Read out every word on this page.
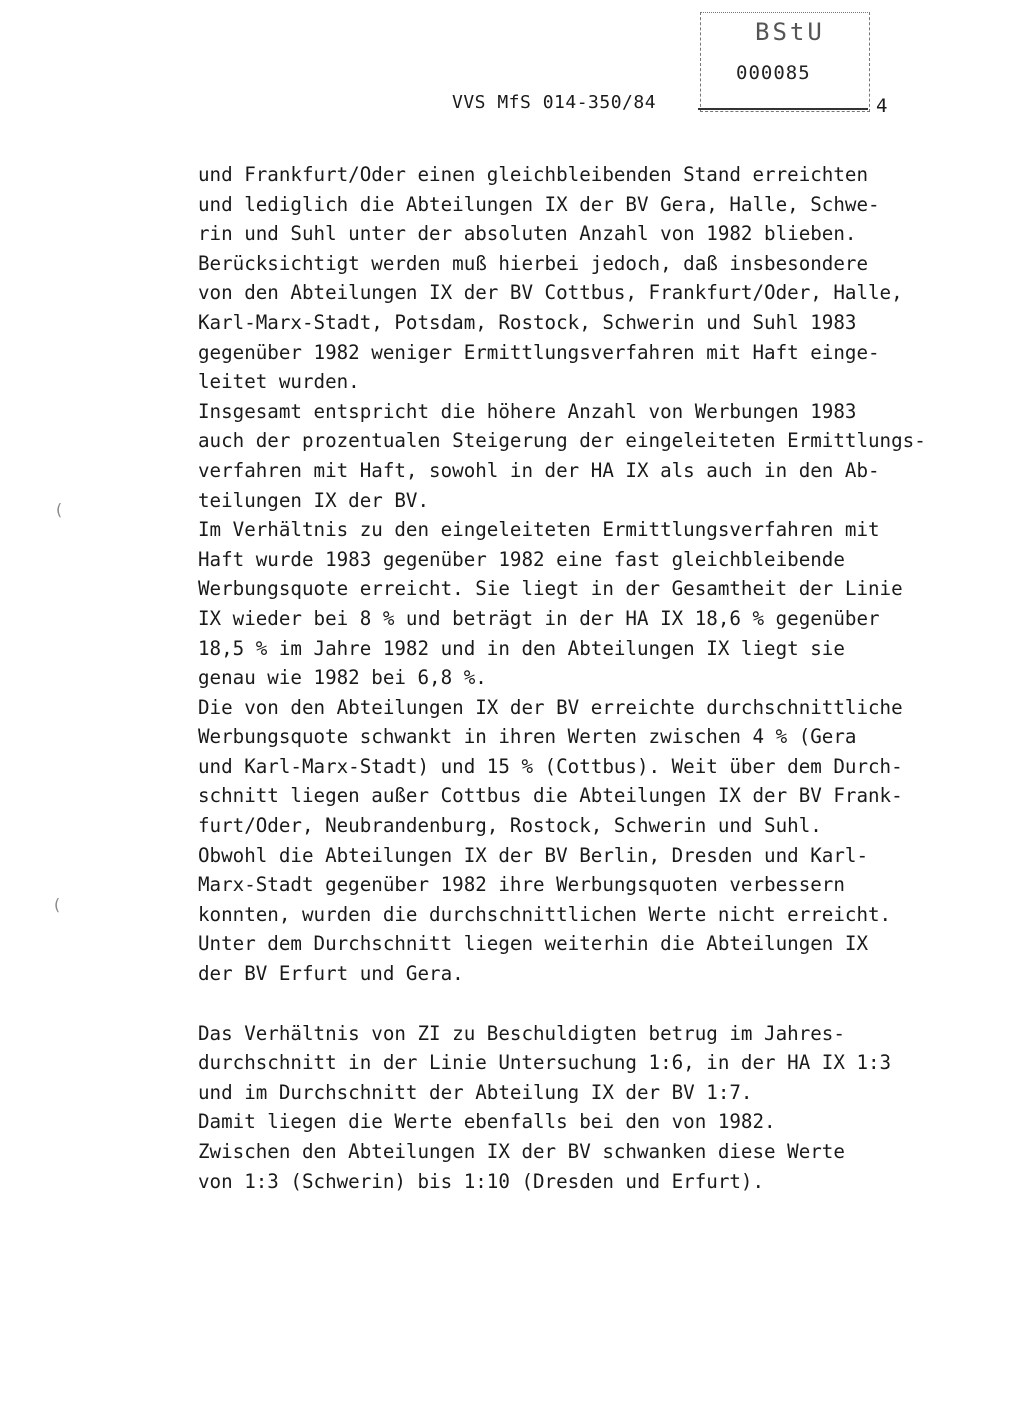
BStU
000085
VVS MfS 014-350/84	4
(
(
und Frankfurt/Oder einen gleichbleibenden Stand erreichten
und lediglich die Abteilungen IX der BV Gera, Halle, Schwe-
rin und Suhl unter der absoluten Anzahl von 1982 blieben.
Berücksichtigt werden muß hierbei jedoch, daß insbesondere
von den Abteilungen IX der BV Cottbus, Frankfurt/Oder, Halle,
Karl-Marx-Stadt, Potsdam, Rostock, Schwerin und Suhl 1983
gegenüber 1982 weniger Ermittlungsverfahren mit Haft einge-
leitet wurden.
Insgesamt entspricht die höhere Anzahl von Werbungen 1983
auch der prozentualen Steigerung der eingeleiteten Ermittlungs-
verfahren mit Haft, sowohl in der HA IX als auch in den Ab-
teilungen IX der BV.
Im Verhältnis zu den eingeleiteten Ermittlungsverfahren mit
Haft wurde 1983 gegenüber 1982 eine fast gleichbleibende
Werbungsquote erreicht. Sie liegt in der Gesamtheit der Linie
IX wieder bei 8 % und beträgt in der HA IX 18,6 % gegenüber
18,5 % im Jahre 1982 und in den Abteilungen IX liegt sie
genau wie 1982 bei 6,8 %.
Die von den Abteilungen IX der BV erreichte durchschnittliche
Werbungsquote schwankt in ihren Werten zwischen 4 % (Gera
und Karl-Marx-Stadt) und 15 % (Cottbus). Weit über dem Durch-
schnitt liegen außer Cottbus die Abteilungen IX der BV Frank-
furt/Oder, Neubrandenburg, Rostock, Schwerin und Suhl.
Obwohl die Abteilungen IX der BV Berlin, Dresden und Karl-
Marx-Stadt gegenüber 1982 ihre Werbungsquoten verbessern
konnten, wurden die durchschnittlichen Werte nicht erreicht.
Unter dem Durchschnitt liegen weiterhin die Abteilungen IX
der BV Erfurt und Gera.
Das Verhältnis von ZI zu Beschuldigten betrug im Jahres-
durchschnitt in der Linie Untersuchung 1:6, in der HA IX 1:3
und im Durchschnitt der Abteilung IX der BV 1:7.
Damit liegen die Werte ebenfalls bei den von 1982.
Zwischen den Abteilungen IX der BV schwanken diese Werte
von 1:3 (Schwerin) bis 1:10 (Dresden und Erfurt).
